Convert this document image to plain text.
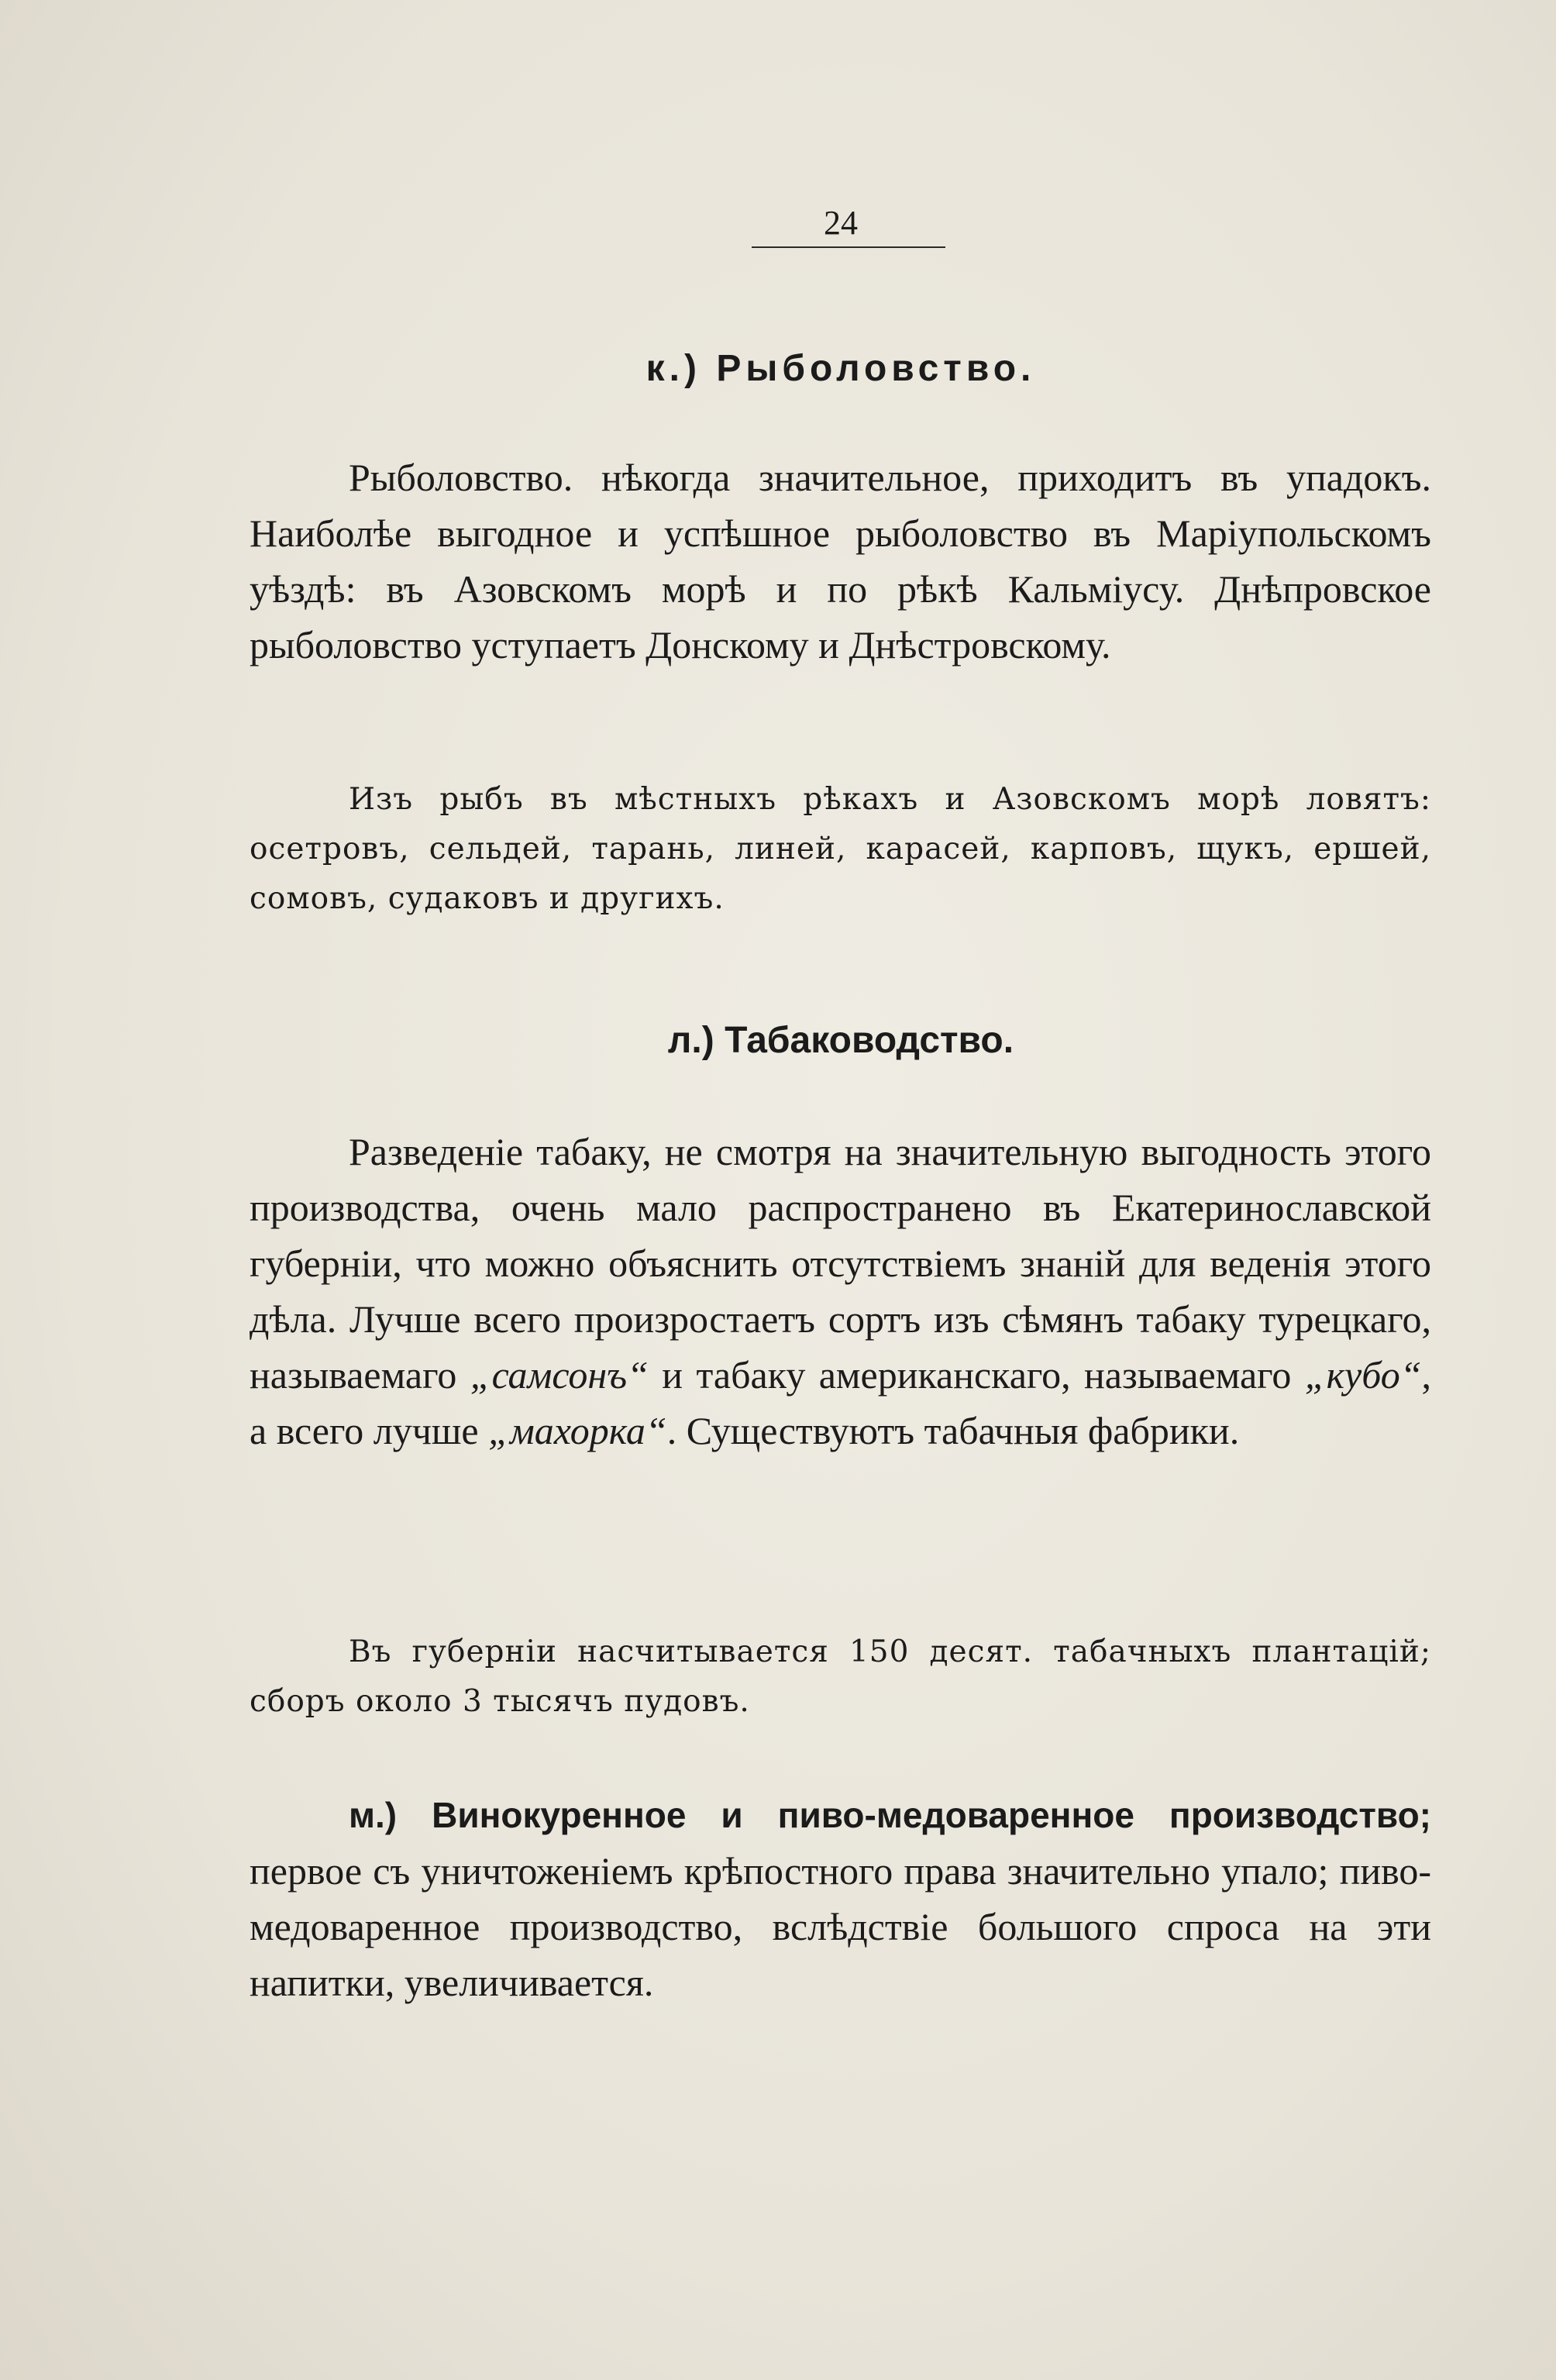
24
к.) Рыболовство.

Рыболовство. нѣкогда значительное, приходитъ въ упадокъ. Наиболѣе выгодное и успѣшное рыболовство въ Маріупольскомъ уѣздѣ: въ Азовскомъ морѣ и по рѣкѣ Кальміусу. Днѣпровское рыболовство уступаетъ Донскому и Днѣстровскому.

Изъ рыбъ въ мѣстныхъ рѣкахъ и Азовскомъ морѣ ловятъ: осетровъ, сельдей, тарань, линей, карасей, карповъ, щукъ, ершей, сомовъ, судаковъ и другихъ.

л.) Табаководство.

Разведеніе табаку, не смотря на значительную выгодность этого производства, очень мало распространено въ Екатеринославской губерніи, что можно объяснить отсутствіемъ знаній для веденія этого дѣла. Лучше всего произростаетъ сортъ изъ сѣмянъ табаку турецкаго, называемаго „самсонъ“ и табаку американскаго, называемаго „кубо“, а всего лучше „махорка“. Существуютъ табачныя фабрики.

Въ губерніи насчитывается 150 десят. табачныхъ плантацій; сборъ около 3 тысячъ пудовъ.

м.) Винокуренное и пиво-медоваренное производство; первое съ уничтоженіемъ крѣпостного права значительно упало; пиво-медоваренное производство, вслѣдствіе большого спроса на эти напитки, увеличивается.
